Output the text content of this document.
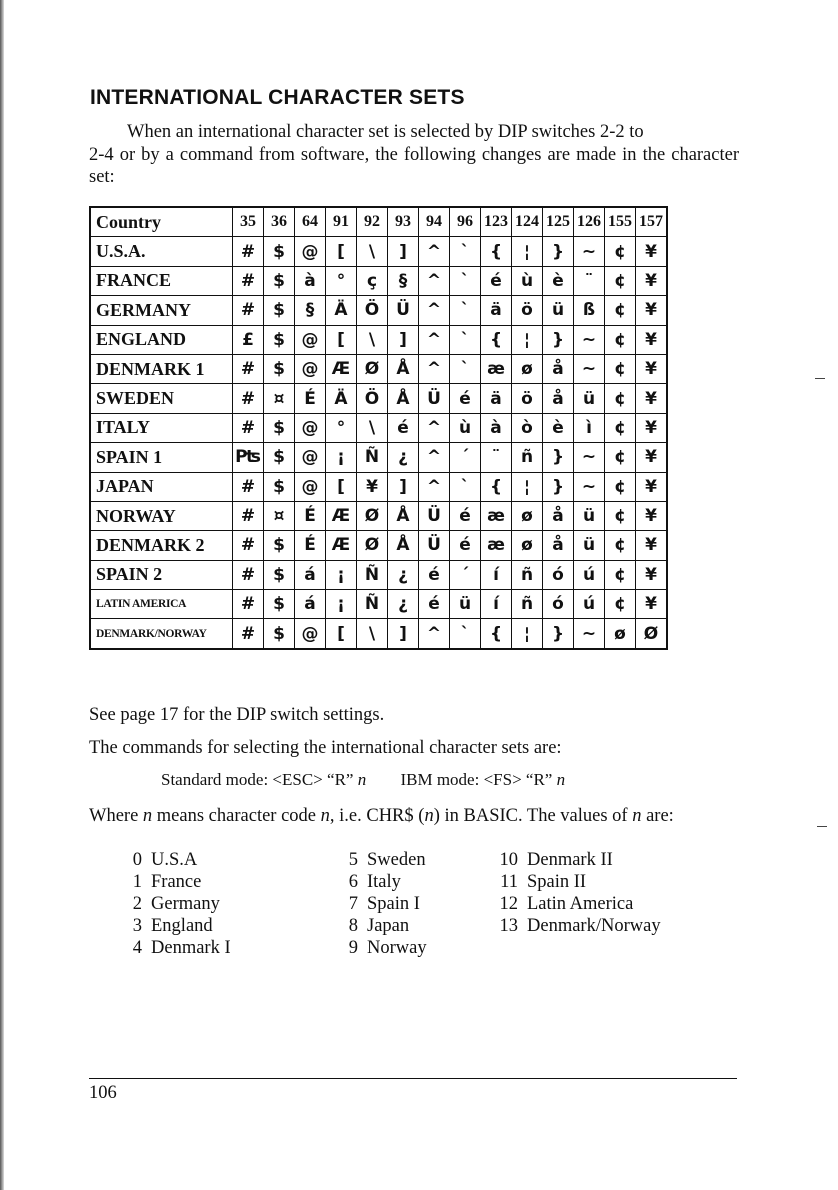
INTERNATIONAL CHARACTER SETS
When an international character set is selected by DIP switches 2-2 to
2-4 or by a command from software, the following changes are made in the character set:
Country	35	36	64	91	92	93	94	96	123	124	125	126	155	157
U.S.A.	#	$	@	[	\	]	^	`	{	¦	}	~	¢	¥
FRANCE	#	$	à	°	ç	§	^	`	é	ù	è	¨	¢	¥
GERMANY	#	$	§	Ä	Ö	Ü	^	`	ä	ö	ü	ß	¢	¥
ENGLAND	£	$	@	[	\	]	^	`	{	¦	}	~	¢	¥
DENMARK 1	#	$	@	Æ	Ø	Å	^	`	æ	ø	å	~	¢	¥
SWEDEN	#	¤	É	Ä	Ö	Å	Ü	é	ä	ö	å	ü	¢	¥
ITALY	#	$	@	°	\	é	^	ù	à	ò	è	ì	¢	¥
SPAIN 1	₧	$	@	¡	Ñ	¿	^	´	¨	ñ	}	~	¢	¥
JAPAN	#	$	@	[	¥	]	^	`	{	¦	}	~	¢	¥
NORWAY	#	¤	É	Æ	Ø	Å	Ü	é	æ	ø	å	ü	¢	¥
DENMARK 2	#	$	É	Æ	Ø	Å	Ü	é	æ	ø	å	ü	¢	¥
SPAIN 2	#	$	á	¡	Ñ	¿	é	´	í	ñ	ó	ú	¢	¥
LATIN AMERICA	#	$	á	¡	Ñ	¿	é	ü	í	ñ	ó	ú	¢	¥
DENMARK/NORWAY	#	$	@	[	\	]	^	`	{	¦	}	~	ø	Ø
See page 17 for the DIP switch settings.
The commands for selecting the international character sets are:
Standard mode: <ESC> “R” n IBM mode: <FS> “R” n
Where n means character code n, i.e. CHR$ (n) in BASIC. The values of n are:
0 U.S.A
1 France
2 Germany
3 England
4 Denmark I
5 Sweden
6 Italy
7 Spain I
8 Japan
9 Norway
10 Denmark II
11 Spain II
12 Latin America
13 Denmark/Norway
106
